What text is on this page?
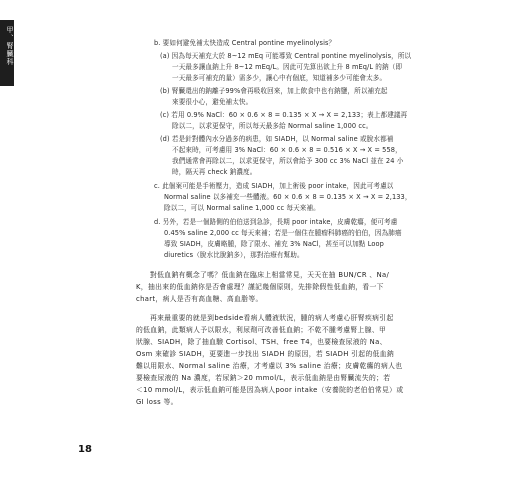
甲、腎臟科	b. 要如何避免補太快造成 Central pontine myelinolysis？
(a) 因為每天補充大於 8~12 mEq 可能導致 Central pontine myelinolysis，所以
一天最多讓血鈉上升 8~12 mEq/L。因此可先算出欲上升 8 mEq/L 的鈉（即
一天最多可補充的量）需多少，讓心中有個底，知道補多少可能會太多。
(b) 腎臟還出的鈉離子99%會再吸收回來，加上飲食中也有鈉鹽，所以補充起
來要很小心，避免補太快。
(c) 若用 0.9% NaCl：60 × 0.6 × 8 = 0.135 × X → X = 2,133；表上都建議再
除以二，以求更保守，所以每天最多給 Normal saline 1,000 cc。
(d) 若是針對體內水分過多的病患，如 SIADH，以 Normal saline 或脫水都補
不起來時，可考慮用 3% NaCl：60 × 0.6 × 8 = 0.516 × X → X = 558，
我們通常會再除以二，以求更保守，所以會給予 300 cc 3% NaCl 並在 24 小
時，隔天再 check 鈉濃度。
c. 此個案可能是手術壓力，造成 SIADH，加上術後 poor intake，因此可考慮以
Normal saline 以多補充一些體液。60 × 0.6 × 8 = 0.135 × X → X = 2,133，
除以二，可以 Normal saline 1,000 cc 每天來補。
d. 另外，若是一個路側的伯伯送到急診，長期 poor intake，皮膚乾癟，便可考慮
0.45% saline 2,000 cc 每天來補；若是一個住在腫瘤科肺癌的伯伯，因為肺癌
導致 SIADH，皮膚略腫，除了限水、補充 3% NaCl，甚至可以加點 Loop
diuretics（脫水比脫鈉多），那對治療有幫助。
對低血鈉有概念了嗎？低血鈉在臨床上相當常見，天天在抽 BUN/CR 、Na/
K，抽出來的低血鈉你是否會處理？謹記幾個原則，先排除假性低血鈉，看一下
chart，病人是否有高血糖、高血脂等。
再來最重要的就是到bedside看病人體液狀況，腫的病人考慮心肝腎疾病引起
的低血鈉，此類病人予以限水，利尿劑可改善低血鈉；不乾不腫考慮腎上腺、甲
狀腺、SIADH，除了抽血驗 Cortisol、TSH、free T4，也要檢查尿液的 Na、
Osm 來確診 SIADH，更要進一步找出 SIADH 的原因，若 SIADH 引起的低血鈉
難以用限水、Normal saline 治療，才考慮以 3% saline 治療；皮膚乾癟的病人也
要檢查尿液的 Na 濃度，若尿鈉＞20 mmol/L，表示低血鈉是由腎臟流失的；若
＜10 mmol/L，表示低血鈉可能是因為病人poor intake（安養院的老伯伯常見）或
GI loss 等。
18
